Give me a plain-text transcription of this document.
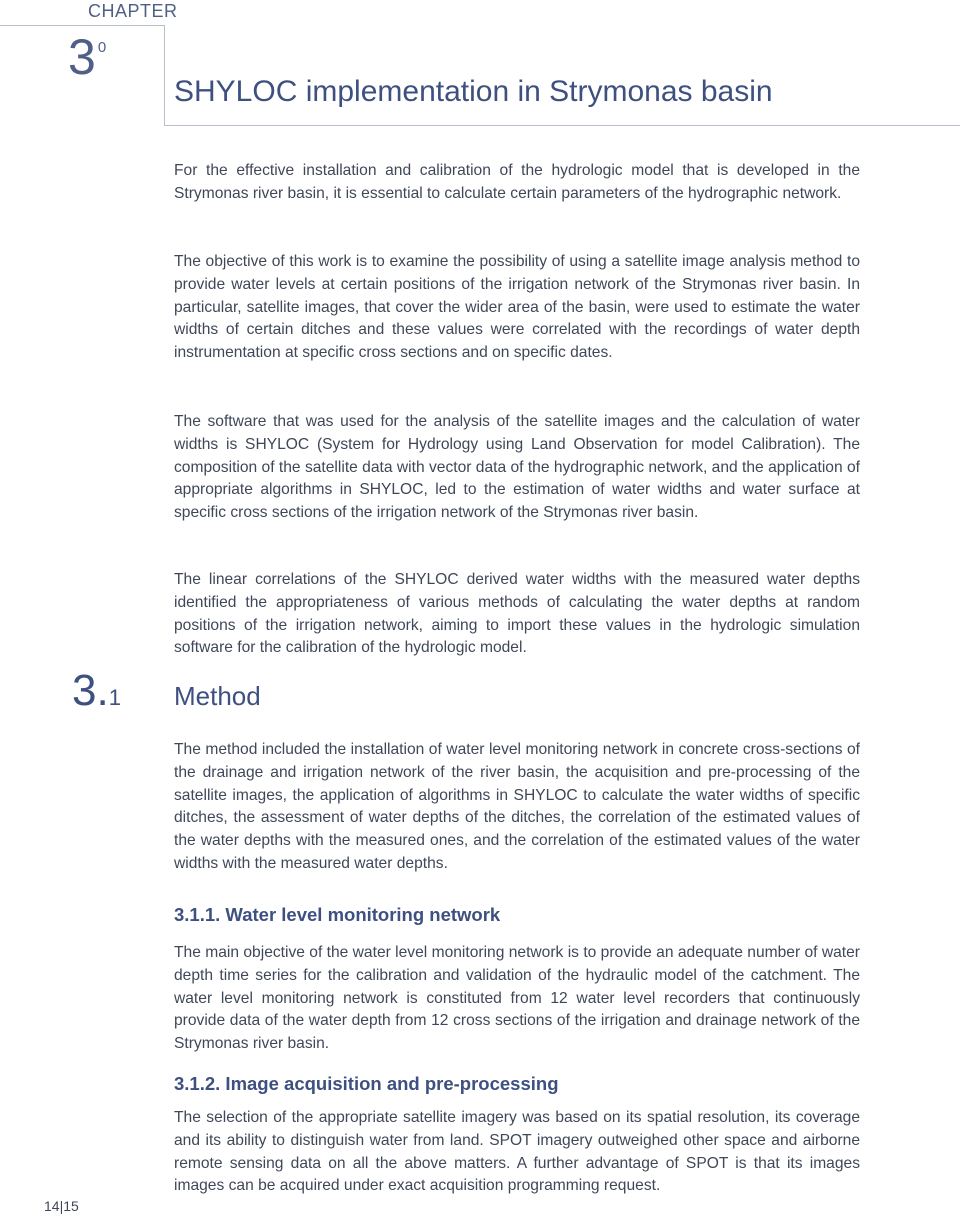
CHAPTER
3 $^0$
SHYLOC implementation in Strymonas basin

For the effective installation and calibration of the hydrologic model that is developed in the Strymonas river basin, it is essential to calculate certain parameters of the hydrographic network.

The objective of this work is to examine the possibility of using a satellite image analysis method to provide water levels at certain positions of the irrigation network of the Strymonas river basin. In particular, satellite images, that cover the wider area of the basin, were used to estimate the water widths of certain ditches and these values were correlated with the recordings of water depth instrumentation at specific cross sections and on specific dates.

The software that was used for the analysis of the satellite images and the calculation of water widths is SHYLOC (System for Hydrology using Land Observation for model Calibration). The composition of the satellite data with vector data of the hydrographic network, and the application of appropriate algorithms in SHYLOC, led to the estimation of water widths and water surface at specific cross sections of the irrigation network of the Strymonas river basin.

The linear correlations of the SHYLOC derived water widths with the measured water depths identified the appropriateness of various methods of calculating the water depths at random positions of the irrigation network, aiming to import these values in the hydrologic simulation software for the calibration of the hydrologic model.

3.1 Method

The method included the installation of water level monitoring network in concrete cross-sections of the drainage and irrigation network of the river basin, the acquisition and pre-processing of the satellite images, the application of algorithms in SHYLOC to calculate the water widths of specific ditches, the assessment of water depths of the ditches, the correlation of the estimated values of the water depths with the measured ones, and the correlation of the estimated values of the water widths with the measured water depths.

3.1.1. Water level monitoring network

The main objective of the water level monitoring network is to provide an adequate number of water depth time series for the calibration and validation of the hydraulic model of the catchment. The water level monitoring network is constituted from 12 water level recorders that continuously provide data of the water depth from 12 cross sections of the irrigation and drainage network of the Strymonas river basin.

3.1.2. Image acquisition and pre-processing

The selection of the appropriate satellite imagery was based on its spatial resolution, its coverage and its ability to distinguish water from land. SPOT imagery outweighed other space and airborne remote sensing data on all the above matters. A further advantage of SPOT is that its images images can be acquired under exact acquisition programming request.

14|15
